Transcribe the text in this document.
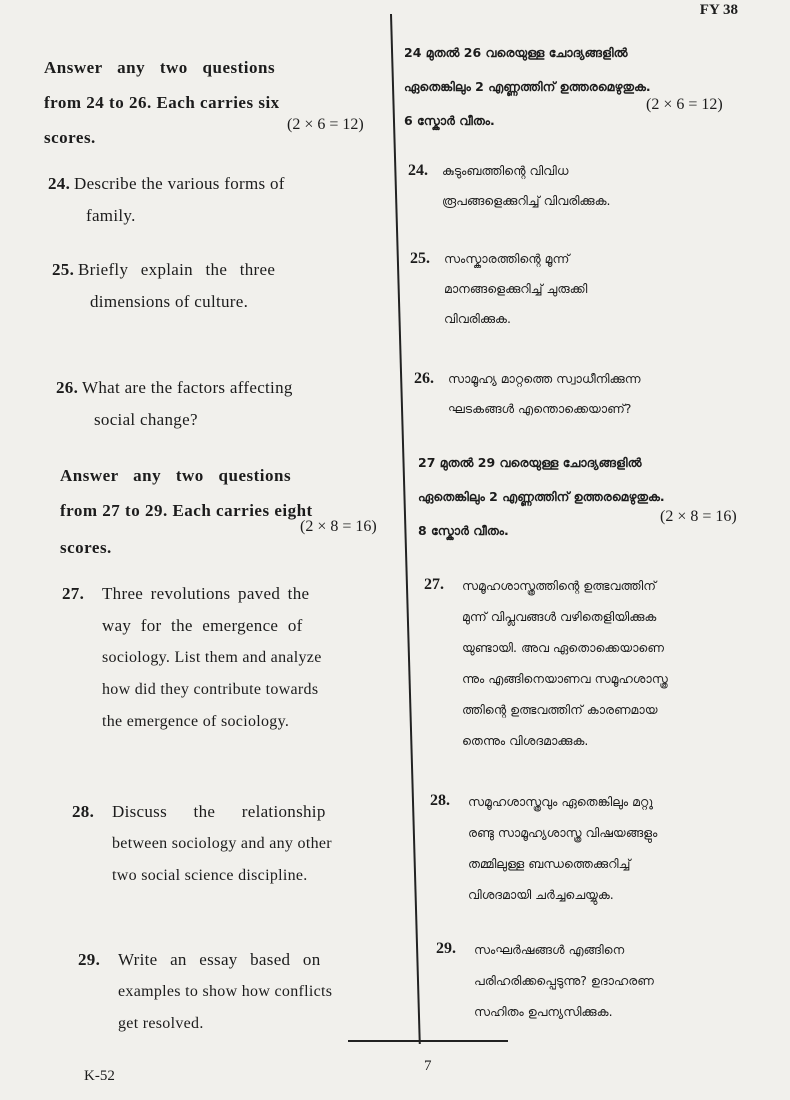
FY 38
Answer any two questions
from 24 to 26. Each carries six
scores.
(2 × 6 = 12)
24. Describe the various forms of
family.
25. Briefly explain the three
dimensions of culture.
26. What are the factors affecting
social change?
Answer any two questions
from 27 to 29. Each carries eight
scores.
(2 × 8 = 16)
27. Three revolutions paved the
way for the emergence of
sociology. List them and analyze
how did they contribute towards
the emergence of sociology.
28. Discuss the relationship
between sociology and any other
two social science discipline.
29. Write an essay based on
examples to show how conflicts
get resolved.
24 മുതൽ 26 വരെയുള്ള ചോദ്യങ്ങളിൽ
ഏതെങ്കിലും 2 എണ്ണത്തിന് ഉത്തരമെഴുതുക.
6 സ്കോർ വീതം.
(2 × 6 = 12)
24. കുടുംബത്തിന്റെ വിവിധ
രൂപങ്ങളെക്കുറിച്ച് വിവരിക്കുക.
25. സംസ്കാരത്തിന്റെ മൂന്ന്
മാനങ്ങളെക്കുറിച്ച് ചുരുക്കി
വിവരിക്കുക.
26. സാമൂഹ്യ മാറ്റത്തെ സ്വാധീനിക്കുന്ന
ഘടകങ്ങൾ എന്തൊക്കെയാണ്?
27 മുതൽ 29 വരെയുള്ള ചോദ്യങ്ങളിൽ
ഏതെങ്കിലും 2 എണ്ണത്തിന് ഉത്തരമെഴുതുക.
8 സ്കോർ വീതം.
(2 × 8 = 16)
27. സമൂഹശാസ്ത്രത്തിന്റെ ഉത്ഭവത്തിന്
മുന്ന് വിപ്ലവങ്ങൾ വഴിതെളിയിക്കുക
യുണ്ടായി. അവ ഏതൊക്കെയാണെ
ന്നും എങ്ങിനെയാണവ സമൂഹശാസ്ത്ര
ത്തിന്റെ ഉത്ഭവത്തിന് കാരണമായ
തെന്നും വിശദമാക്കുക.
28. സമൂഹശാസ്ത്രവും ഏതെങ്കിലും മറ്റു
രണ്ടു സാമൂഹ്യശാസ്ത്ര വിഷയങ്ങളും
തമ്മിലുള്ള ബന്ധത്തെക്കുറിച്ച്
വിശദമായി ചർച്ചചെയ്യുക.
29. സംഘർഷങ്ങൾ എങ്ങിനെ
പരിഹരിക്കപ്പെടുന്നു? ഉദാഹരണ
സഹിതം ഉപന്യസിക്കുക.
7
K-52
